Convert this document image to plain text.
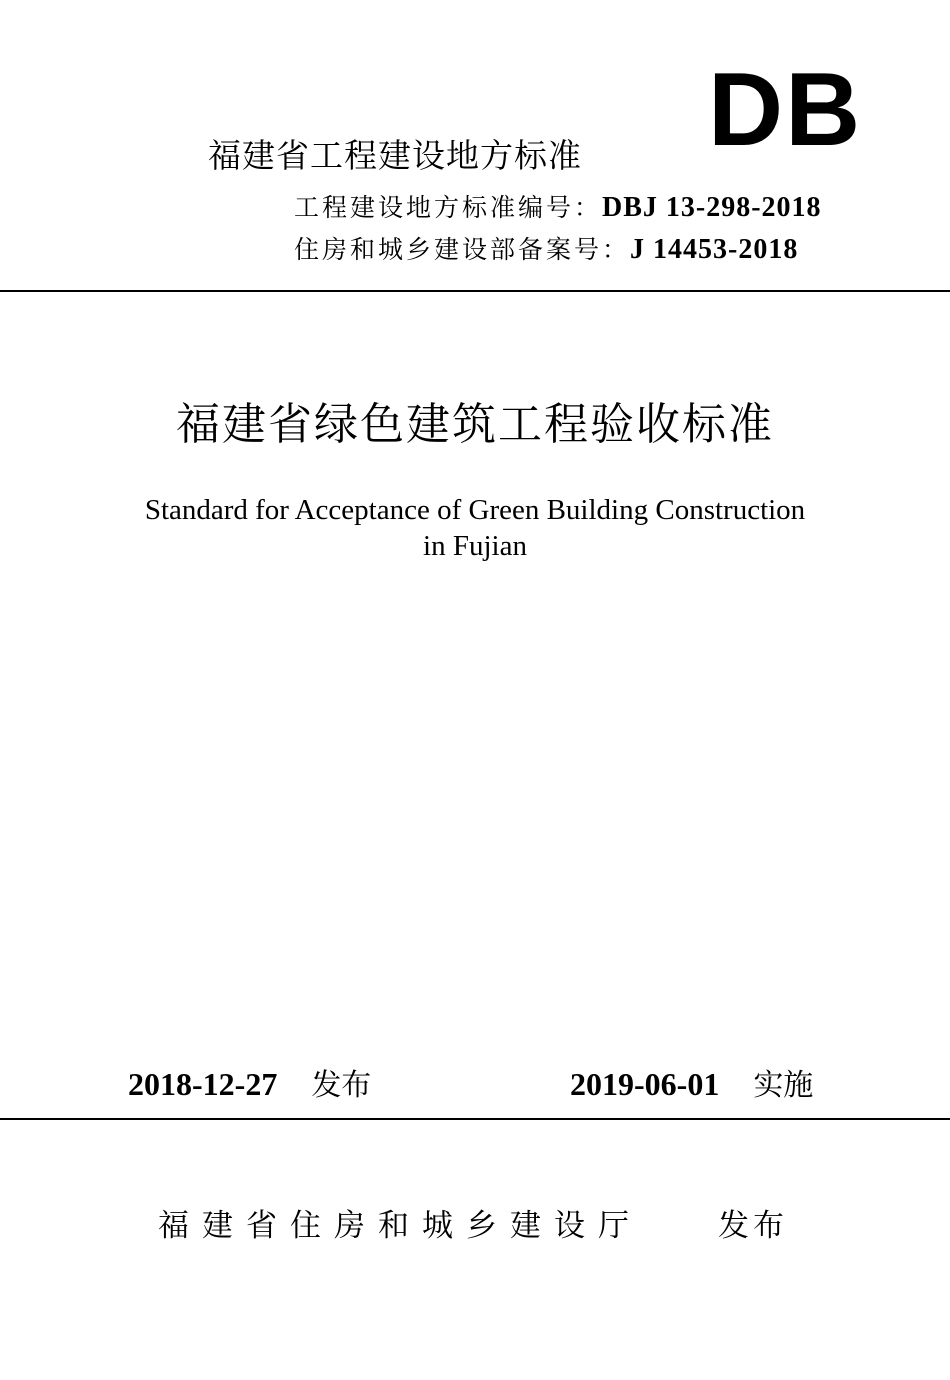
福建省工程建设地方标准 DB
工程建设地方标准编号：DBJ 13-298-2018
住房和城乡建设部备案号：J 14453-2018
福建省绿色建筑工程验收标准
Standard for Acceptance of Green Building Construction
in Fujian
2018-12-27 发布	2019-06-01 实施
福建省住房和城乡建设厅 发布
